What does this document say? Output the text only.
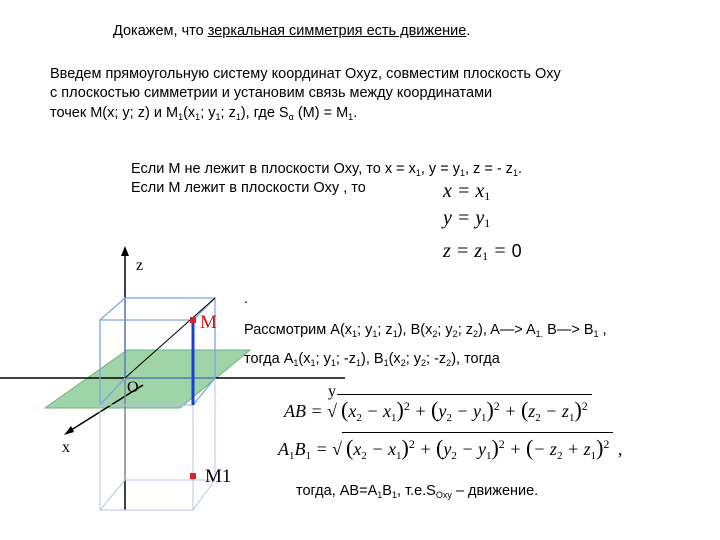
Докажем, что зеркальная симметрия есть движение.
Введем прямоугольную систему координат Oxyz, совместим плоскость Oxy
с плоскостью симметрии и установим связь между координатами
точек M(x; y; z) и $M_1(x_1$; $y_1$; $z_1$), где $S_\alpha$ $(M) = M_1$.
Если M не лежит в плоскости Oxy, то $x = x_1$, $y = y_1$, z = - $z_1$.
Если M лежит в плоскости Oxy , то	$x = x_1$
$y = y_1$
$z = z_1 = 0$
.
Рассмотрим $A(x_1$; $y_1$; $z_1$), $B(x_2$; $y_2$; $z_2$), A—> $A_{1.}$ B—> $B_1$ ,
тогда $A_1(x_1$; $y_1$; $-z_1$), $B_1(x_2$; $y_2$; $-z_2$), тогда
AB = √ $(x_2 - x_1)^2 + (y_2 - y_1)^2 + (z_2 - z_1)^2$
$A_1B_1$ = √ $(x_2 - x_1)^2 + (y_2 - y_1)^2$ + (− $z_2 + z_1)^2$ ,
тогда, $AB=A_1B_1$, $т.е.S_{Oxy}$ – движение.
z
y
x
O
M
M1
